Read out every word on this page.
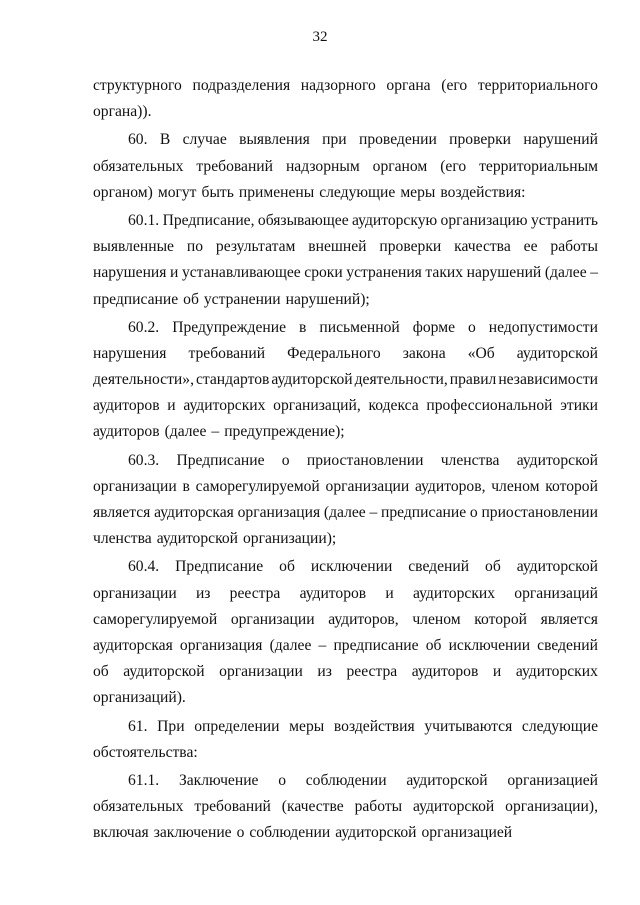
32
структурного подразделения надзорного органа (его территориального
органа)).
60. В случае выявления при проведении проверки нарушений
обязательных требований надзорным органом (его территориальным
органом) могут быть применены следующие меры воздействия:
60.1. Предписание, обязывающее аудиторскую организацию устранить
выявленные по результатам внешней проверки качества ее работы
нарушения и устанавливающее сроки устранения таких нарушений (далее –
предписание об устранении нарушений);
60.2. Предупреждение в письменной форме о недопустимости
нарушения требований Федерального закона «Об аудиторской
деятельности», стандартов аудиторской деятельности, правил независимости
аудиторов и аудиторских организаций, кодекса профессиональной этики
аудиторов (далее – предупреждение);
60.3. Предписание о приостановлении членства аудиторской
организации в саморегулируемой организации аудиторов, членом которой
является аудиторская организация (далее – предписание о приостановлении
членства аудиторской организации);
60.4. Предписание об исключении сведений об аудиторской
организации из реестра аудиторов и аудиторских организаций
саморегулируемой организации аудиторов, членом которой является
аудиторская организация (далее – предписание об исключении сведений
об аудиторской организации из реестра аудиторов и аудиторских
организаций).
61. При определении меры воздействия учитываются следующие
обстоятельства:
61.1. Заключение о соблюдении аудиторской организацией
обязательных требований (качестве работы аудиторской организации),
включая заключение о соблюдении аудиторской организацией
